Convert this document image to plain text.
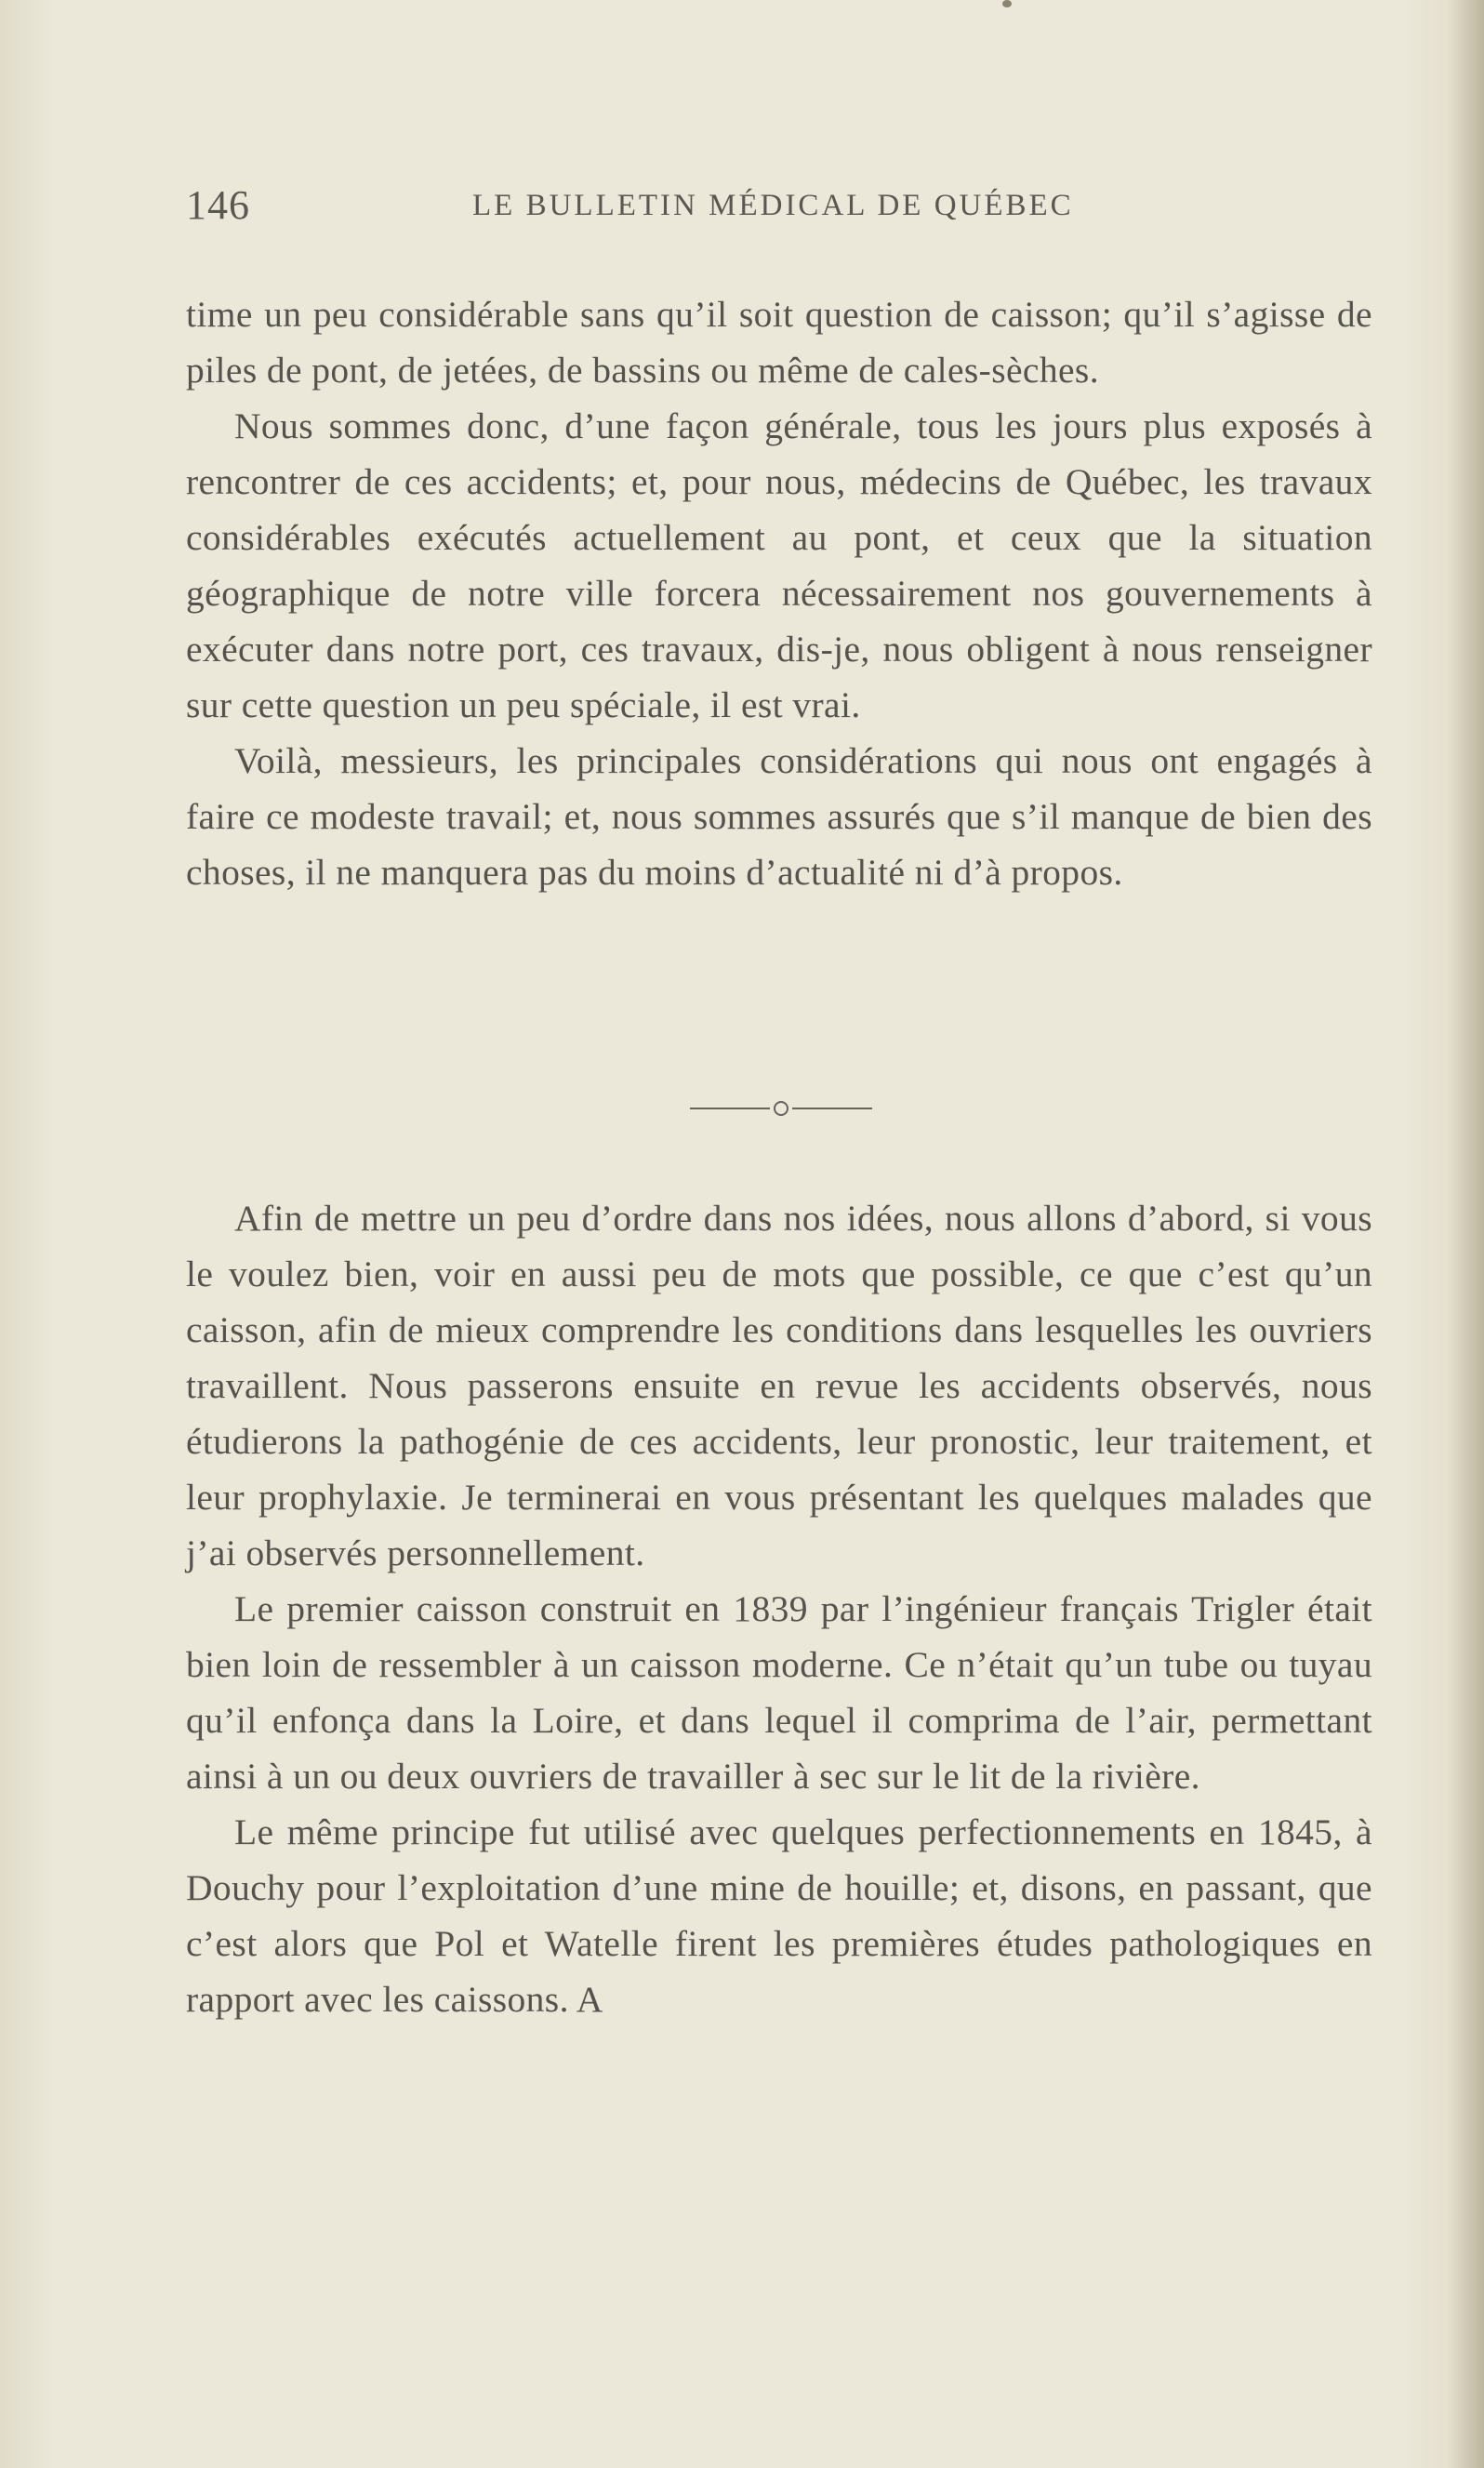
146	LE BULLETIN MÉDICAL DE QUÉBEC

time un peu considérable sans qu’il soit question de caisson; qu’il s’agisse de piles de pont, de jetées, de bassins ou même de cales-sèches.

Nous sommes donc, d’une façon générale, tous les jours plus exposés à rencontrer de ces accidents; et, pour nous, médecins de Québec, les travaux considérables exécutés actuellement au pont, et ceux que la situation géographique de notre ville forcera nécessairement nos gouvernements à exécuter dans notre port, ces travaux, dis-je, nous obligent à nous renseigner sur cette question un peu spéciale, il est vrai.

Voilà, messieurs, les principales considérations qui nous ont engagés à faire ce modeste travail; et, nous sommes assurés que s’il manque de bien des choses, il ne manquera pas du moins d’actualité ni d’à propos.

Afin de mettre un peu d’ordre dans nos idées, nous allons d’abord, si vous le voulez bien, voir en aussi peu de mots que possible, ce que c’est qu’un caisson, afin de mieux comprendre les conditions dans lesquelles les ouvriers travaillent. Nous passerons ensuite en revue les accidents observés, nous étudierons la pathogénie de ces accidents, leur pronostic, leur traitement, et leur prophylaxie. Je terminerai en vous présentant les quelques malades que j’ai observés personnellement.

Le premier caisson construit en 1839 par l’ingénieur français Trigler était bien loin de ressembler à un caisson moderne. Ce n’était qu’un tube ou tuyau qu’il enfonça dans la Loire, et dans lequel il comprima de l’air, permettant ainsi à un ou deux ouvriers de travailler à sec sur le lit de la rivière.

Le même principe fut utilisé avec quelques perfectionnements en 1845, à Douchy pour l’exploitation d’une mine de houille; et, disons, en passant, que c’est alors que Pol et Watelle firent les premières études pathologiques en rapport avec les caissons. A
